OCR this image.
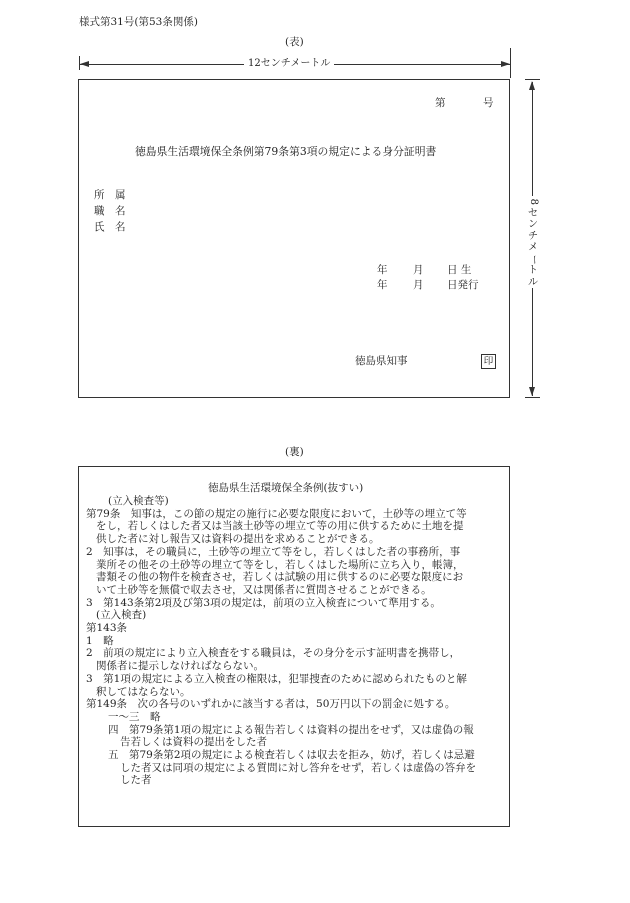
様式第31号(第53条関係)
(表)
12センチメートル
8
セ
ン
チ
メ
ー
ト
ル
第	号
徳島県生活環境保全条例第79条第3項の規定による身分証明書
所　属
職　名
氏　名
年 月 日 生
年 月 日発行
徳島県知事	印
(裏)
徳島県生活環境保全条例(抜すい)
(立入検査等)
第79条　知事は，この節の規定の施行に必要な限度において，土砂等の埋立て等
をし，若しくはした者又は当該土砂等の埋立て等の用に供するために土地を提
供した者に対し報告又は資料の提出を求めることができる。
2　知事は，その職員に，土砂等の埋立て等をし，若しくはした者の事務所，事
業所その他その土砂等の埋立て等をし，若しくはした場所に立ち入り，帳簿，
書類その他の物件を検査させ，若しくは試験の用に供するのに必要な限度にお
いて土砂等を無償で収去させ，又は関係者に質問させることができる。
3　第143条第2項及び第3項の規定は，前項の立入検査について準用する。
(立入検査)
第143条
1　略
2　前項の規定により立入検査をする職員は，その身分を示す証明書を携帯し，
関係者に提示しなければならない。
3　第1項の規定による立入検査の権限は，犯罪捜査のために認められたものと解
釈してはならない。
第149条　次の各号のいずれかに該当する者は，50万円以下の罰金に処する。
一～三　略
四　第79条第1項の規定による報告若しくは資料の提出をせず，又は虚偽の報
告若しくは資料の提出をした者
五　第79条第2項の規定による検査若しくは収去を拒み，妨げ，若しくは忌避
した者又は同項の規定による質問に対し答弁をせず，若しくは虚偽の答弁を
した者
